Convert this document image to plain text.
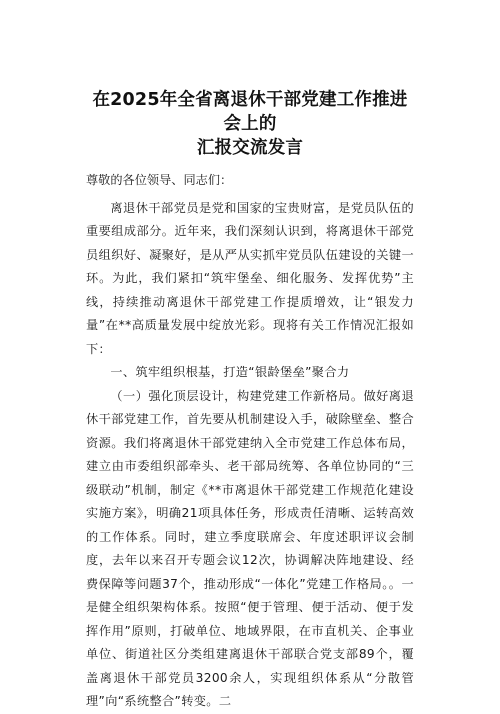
在2025年全省离退休干部党建工作推进会上的
汇报交流发言

尊敬的各位领导、同志们：

离退休干部党员是党和国家的宝贵财富，是党员队伍的重要组成部分。近年来，我们深刻认识到，将离退休干部党员组织好、凝聚好，是从严从实抓牢党员队伍建设的关键一环。为此，我们紧扣“筑牢堡垒、细化服务、发挥优势”主线，持续推动离退休干部党建工作提质增效，让“银发力量”在**高质量发展中绽放光彩。现将有关工作情况汇报如下：

一、筑牢组织根基，打造“银龄堡垒”聚合力

（一）强化顶层设计，构建党建工作新格局。做好离退休干部党建工作，首先要从机制建设入手，破除壁垒、整合资源。我们将离退休干部党建纳入全市党建工作总体布局，建立由市委组织部牵头、老干部局统筹、各单位协同的“三级联动”机制，制定《**市离退休干部党建工作规范化建设实施方案》，明确21项具体任务，形成责任清晰、运转高效的工作体系。同时，建立季度联席会、年度述职评议会制度，去年以来召开专题会议12次，协调解决阵地建设、经费保障等问题37个，推动形成“一体化”党建工作格局。。一是健全组织架构体系。按照“便于管理、便于活动、便于发挥作用”原则，打破单位、地域界限，在市直机关、企事业单位、街道社区分类组建离退休干部联合党支部89个，覆盖离退休干部党员3200余人，实现组织体系从“分散管理”向“系统整合”转变。二
